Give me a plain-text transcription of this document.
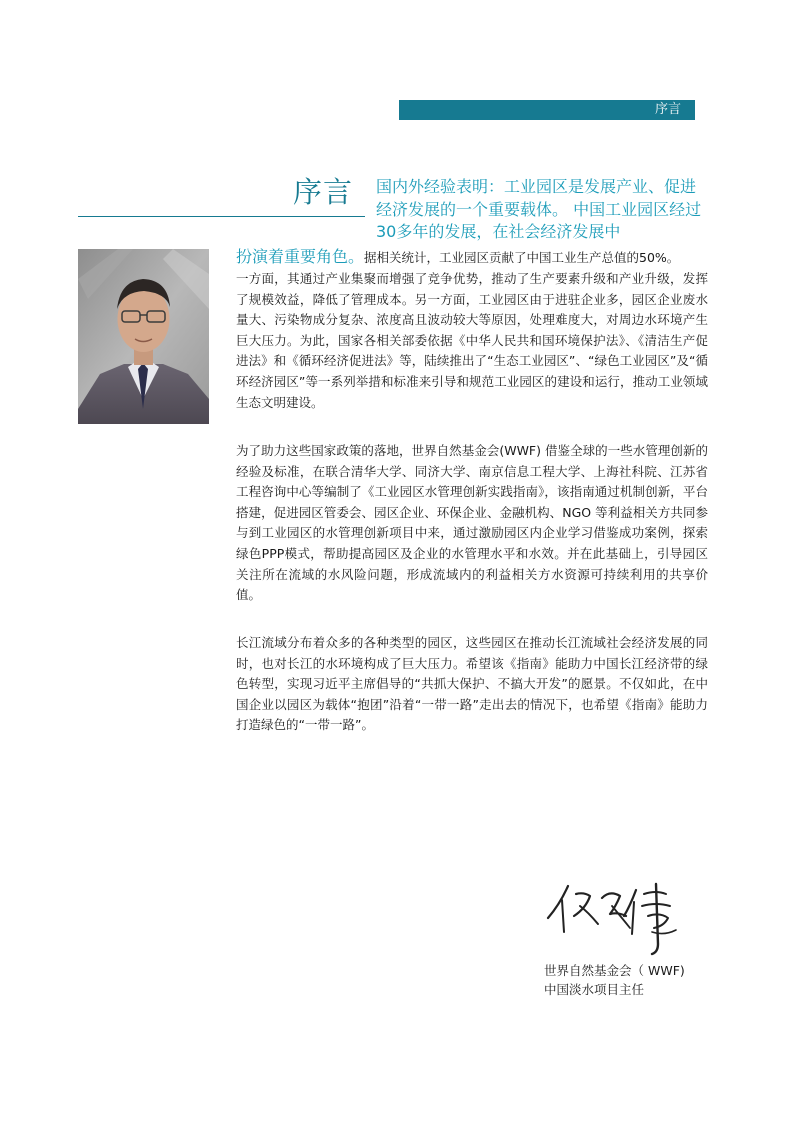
序言
序言 国内外经验表明：工业园区是发展产业、促进经济发展的一个重要载体。 中国工业园区经过30多年的发展，在社会经济发展中

扮演着重要角色。据相关统计，工业园区贡献了中国工业生产总值的50%。

一方面，其通过产业集聚而增强了竞争优势，推动了生产要素升级和产业升级，发挥了规模效益，降低了管理成本。另一方面，工业园区由于进驻企业多，园区企业废水量大、污染物成分复杂、浓度高且波动较大等原因，处理难度大，对周边水环境产生巨大压力。为此，国家各相关部委依据《中华人民共和国环境保护法》、《清洁生产促进法》和《循环经济促进法》等，陆续推出了“生态工业园区”、“绿色工业园区”及“循环经济园区”等一系列举措和标准来引导和规范工业园区的建设和运行，推动工业领域生态文明建设。

为了助力这些国家政策的落地，世界自然基金会(WWF) 借鉴全球的一些水管理创新的经验及标准，在联合清华大学、同济大学、南京信息工程大学、上海社科院、江苏省工程咨询中心等编制了《工业园区水管理创新实践指南》，该指南通过机制创新，平台搭建，促进园区管委会、园区企业、环保企业、金融机构、NGO 等利益相关方共同参与到工业园区的水管理创新项目中来，通过激励园区内企业学习借鉴成功案例，探索绿色PPP模式，帮助提高园区及企业的水管理水平和水效。并在此基础上，引导园区关注所在流域的水风险问题，形成流域内的利益相关方水资源可持续利用的共享价值。

长江流域分布着众多的各种类型的园区，这些园区在推动长江流域社会经济发展的同时，也对长江的水环境构成了巨大压力。希望该《指南》能助力中国长江经济带的绿色转型，实现习近平主席倡导的“共抓大保护、不搞大开发”的愿景。不仅如此，在中国企业以园区为载体“抱团”沿着“一带一路”走出去的情况下，也希望《指南》能助力打造绿色的“一带一路”。

世界自然基金会（ WWF)

中国淡水项目主任
